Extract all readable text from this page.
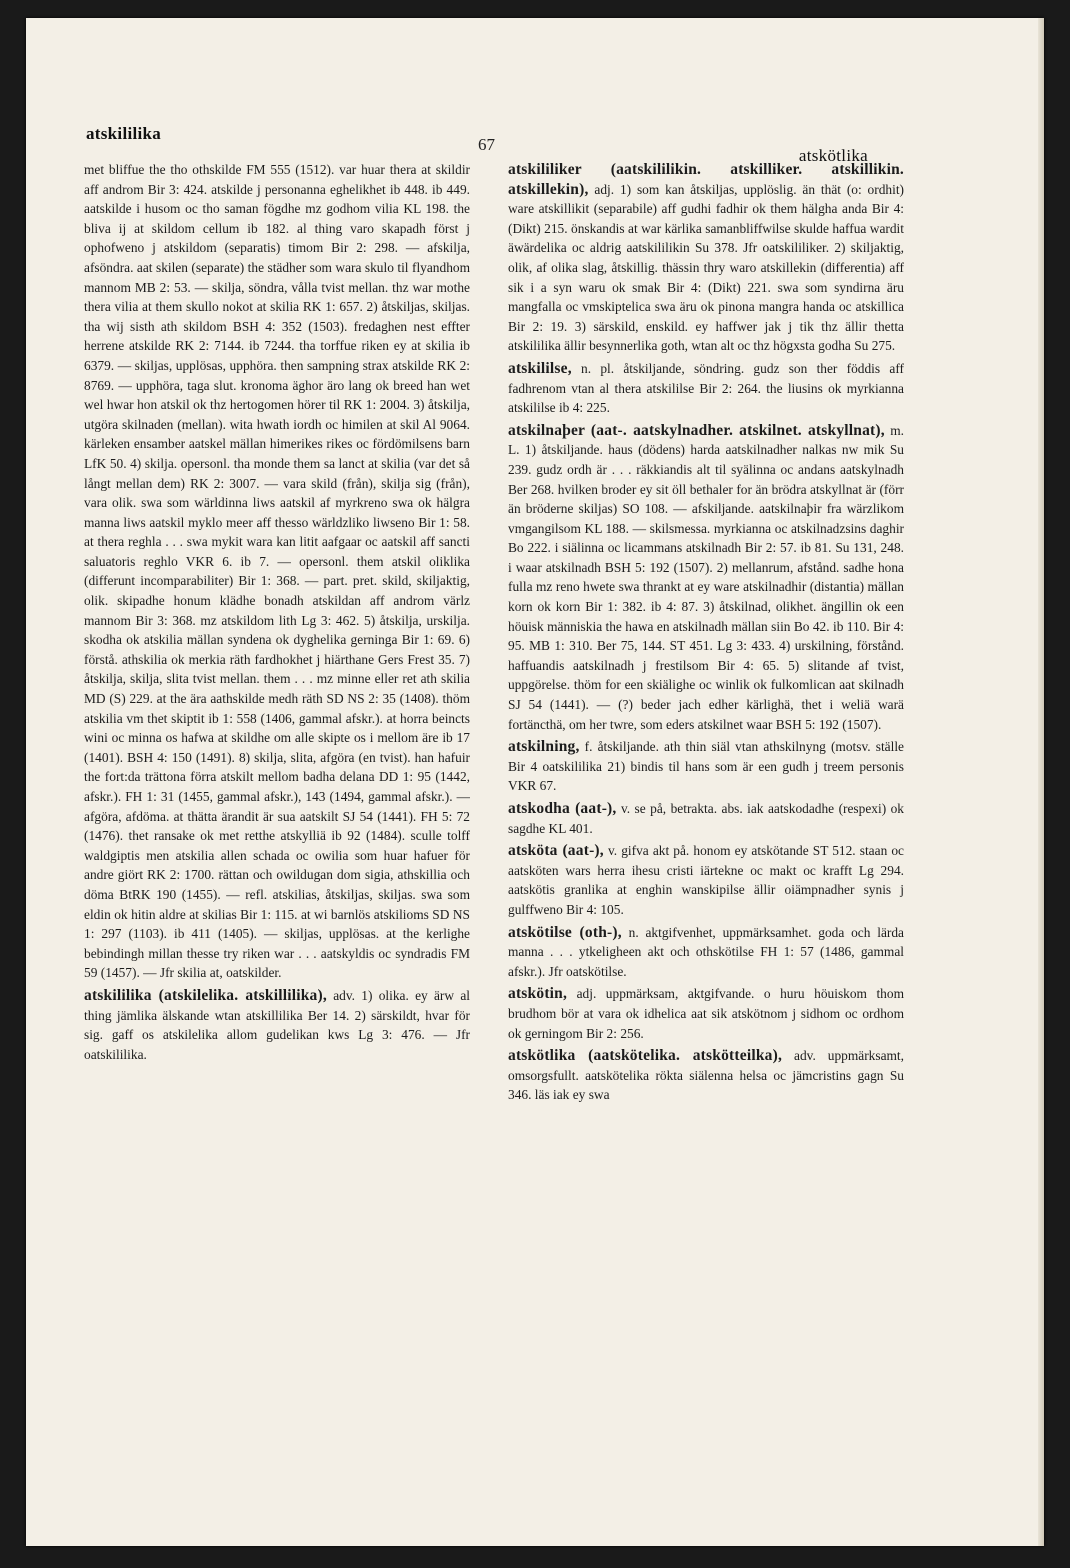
atskililika
67
atskötlika

met bliffue the tho othskilde FM 555 (1512). var huar thera at skildir aff androm Bir 3: 424. atskilde j personanna eghelikhet ib 448. ib 449. aatskilde i husom oc tho saman fögdhe mz godhom vilia KL 198. the bliva ij at skildom cellum ib 182. al thing varo skapadh först j ophofweno j atskildom (separatis) timom Bir 2: 298. — afskilja, afsöndra. aat skilen (separate) the städher som wara skulo til flyandhom mannom MB 2: 53. — skilja, söndra, vålla tvist mellan. thz war mothe thera vilia at them skullo nokot at skilia RK 1: 657. 2) åtskiljas, skiljas. tha wij sisth ath skildom BSH 4: 352 (1503). fredaghen nest effter herrene atskilde RK 2: 7144. ib 7244. tha torffue riken ey at skilia ib 6379. — skiljas, upplösas, upphöra. then sampning strax atskilde RK 2: 8769. — upphöra, taga slut. kronoma äghor äro lang ok breed han wet wel hwar hon atskil ok thz hertogomen hörer til RK 1: 2004. 3) åtskilja, utgöra skilnaden (mellan). wita hwath iordh oc himilen at skil Al 9064. kärleken ensamber aatskel mällan himerikes rikes oc fördömilsens barn LfK 50. 4) skilja. opersonl. tha monde them sa lanct at skilia (var det så långt mellan dem) RK 2: 3007. — vara skild (från), skilja sig (från), vara olik. swa som wärldinna liws aatskil af myrkreno swa ok hälgra manna liws aatskil myklo meer aff thesso wärldzliko liwseno Bir 1: 58. at thera reghla . . . swa mykit wara kan litit aafgaar oc aatskil aff sancti saluatoris reghlo VKR 6. ib 7. — opersonl. them atskil oliklika (differunt incomparabiliter) Bir 1: 368. — part. pret. skild, skiljaktig, olik. skipadhe honum klädhe bonadh atskildan aff androm värlz mannom Bir 3: 368. mz atskildom lith Lg 3: 462. 5) åtskilja, urskilja. skodha ok atskilia mällan syndena ok dyghelika gerninga Bir 1: 69. 6) förstå. athskilia ok merkia räth fardhokhet j hiärthane Gers Frest 35. 7) åtskilja, skilja, slita tvist mellan. them . . . mz minne eller ret ath skilia MD (S) 229. at the ära aathskilde medh räth SD NS 2: 35 (1408). thöm atskilia vm thet skiptit ib 1: 558 (1406, gammal afskr.). at horra beincts wini oc minna os hafwa at skildhe om alle skipte os i mellom äre ib 17 (1401). BSH 4: 150 (1491). 8) skilja, slita, afgöra (en tvist). han hafuir the fort:da trättona förra atskilt mellom badha delana DD 1: 95 (1442, afskr.). FH 1: 31 (1455, gammal afskr.), 143 (1494, gammal afskr.). — afgöra, afdöma. at thätta ärandit är sua aatskilt SJ 54 (1441). FH 5: 72 (1476). thet ransake ok met retthe atskylliä ib 92 (1484). sculle tolff waldgiptis men atskilia allen schada oc owilia som huar hafuer för andre giört RK 2: 1700. rättan och owildugan dom sigia, athskillia och döma BtRK 190 (1455). — refl. atskilias, åtskiljas, skiljas. swa som eldin ok hitin aldre at skilias Bir 1: 115. at wi barnlös atskilioms SD NS 1: 297 (1103). ib 411 (1405). — skiljas, upplösas. at the kerlighe bebindingh millan thesse try riken war . . . aatskyldis oc syndradis FM 59 (1457). — Jfr skilia at, oatskilder.

atskililika (atskilelika. atskillilika), adv. 1) olika. ey ärw al thing jämlika älskande wtan atskillilika Ber 14. 2) särskildt, hvar för sig. gaff os atskilelika allom gudelikan kws Lg 3: 476. — Jfr oatskililika.

atskililiker (aatskililikin. atskilliker. atskillikin. atskillekin), adj. 1) som kan åtskiljas, upplöslig. än thät (o: ordhit) ware atskillikit (separabile) aff gudhi fadhir ok them hälgha anda Bir 4: (Dikt) 215. önskandis at war kärlika samanbliffwilse skulde haffua wardit äwärdelika oc aldrig aatskililikin Su 378. Jfr oatskililiker. 2) skiljaktig, olik, af olika slag, åtskillig. thässin thry waro atskillekin (differentia) aff sik i a syn waru ok smak Bir 4: (Dikt) 221. swa som syndirna äru mangfalla oc vmskiptelica swa äru ok pinona mangra handa oc atskillica Bir 2: 19. 3) särskild, enskild. ey haffwer jak j tik thz ällir thetta atskililika ällir besynnerlika goth, wtan alt oc thz högxsta godha Su 275.

atskililse, n. pl. åtskiljande, söndring. gudz son ther föddis aff fadhrenom vtan al thera atskililse Bir 2: 264. the liusins ok myrkianna atskililse ib 4: 225.

atskilnaþer (aat-. aatskylnadher. atskilnet. atskyllnat), m. L. 1) åtskiljande. haus (dödens) harda aatskilnadher nalkas nw mik Su 239. gudz ordh är . . . räkkiandis alt til syälinna oc andans aatskylnadh Ber 268. hvilken broder ey sit öll bethaler for än brödra atskyllnat är (förr än bröderne skiljas) SO 108. — afskiljande. aatskilnaþir fra wärzlikom vmgangilsom KL 188. — skilsmessa. myrkianna oc atskilnadzsins daghir Bo 222. i siälinna oc licammans atskilnadh Bir 2: 57. ib 81. Su 131, 248. i waar atskilnadh BSH 5: 192 (1507). 2) mellanrum, afstånd. sadhe hona fulla mz reno hwete swa thrankt at ey ware atskilnadhir (distantia) mällan korn ok korn Bir 1: 382. ib 4: 87. 3) åtskilnad, olikhet. ängillin ok een höuisk människia the hawa en atskilnadh mällan siin Bo 42. ib 110. Bir 4: 95. MB 1: 310. Ber 75, 144. ST 451. Lg 3: 433. 4) urskilning, förstånd. haffuandis aatskilnadh j frestilsom Bir 4: 65. 5) slitande af tvist, uppgörelse. thöm for een skiälighe oc winlik ok fulkomlican aat skilnadh SJ 54 (1441). — (?) beder jach edher kärlighä, thet i weliä warä fortäncthä, om her twre, som eders atskilnet waar BSH 5: 192 (1507).

atskilning, f. åtskiljande. ath thin siäl vtan athskilnyng (motsv. ställe Bir 4 oatskililika 21) bindis til hans som är een gudh j treem personis VKR 67.

atskodha (aat-), v. se på, betrakta. abs. iak aatskodadhe (respexi) ok sagdhe KL 401.

atsköta (aat-), v. gifva akt på. honom ey atskötande ST 512. staan oc aatsköten wars herra ihesu cristi iärtekne oc makt oc krafft Lg 294. aatskötis granlika at enghin wanskipilse ällir oiämpnadher synis j gulffweno Bir 4: 105.

atskötilse (oth-), n. aktgifvenhet, uppmärksamhet. goda och lärda manna . . . ytkeligheen akt och othskötilse FH 1: 57 (1486, gammal afskr.). Jfr oatskötilse.

atskötin, adj. uppmärksam, aktgifvande. o huru höuiskom thom brudhom bör at vara ok idhelica aat sik atskötnom j sidhom oc ordhom ok gerningom Bir 2: 256.

atskötlika (aatskötelika. atskötteilka), adv. uppmärksamt, omsorgsfullt. aatskötelika rökta siälenna helsa oc jämcristins gagn Su 346. läs iak ey swa
